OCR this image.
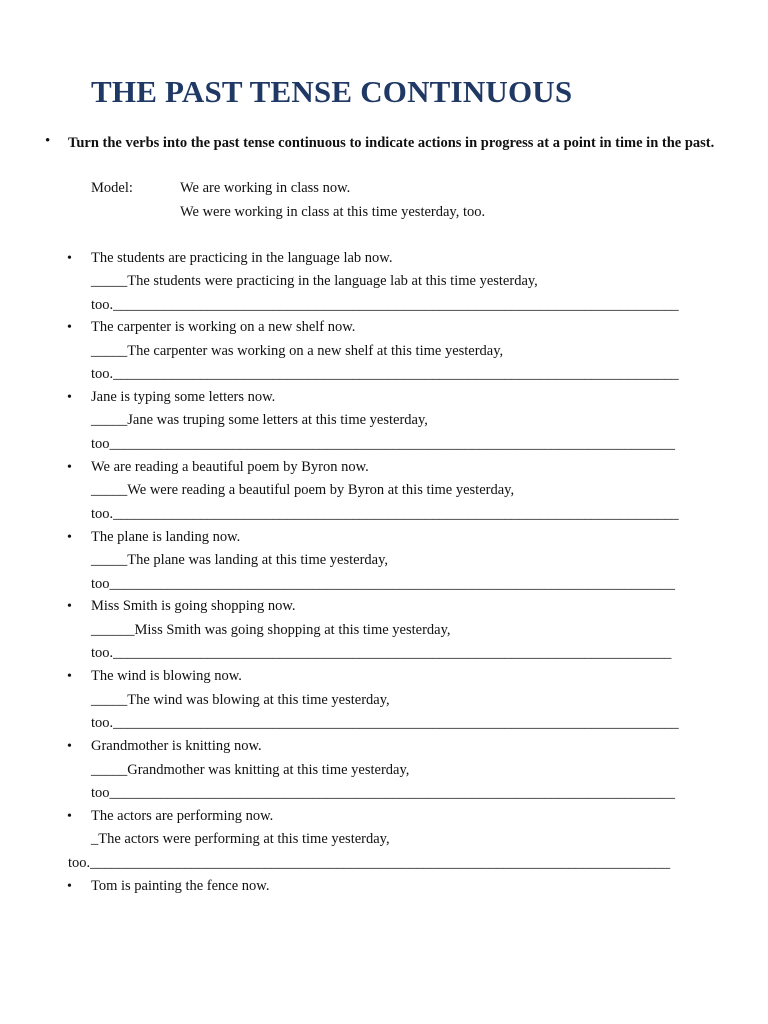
THE PAST TENSE CONTINUOUS
• Turn the verbs into the past tense continuous to indicate actions in progress at a point in time in the past.
Model:	We are working in class now.
We were working in class at this time yesterday, too.
• The students are practicing in the language lab now.
_____The students were practicing in the language lab at this time yesterday,
too.______________________________________________________________________________
• The carpenter is working on a new shelf now.
_____The carpenter was working on a new shelf at this time yesterday,
too.______________________________________________________________________________
• Jane is typing some letters now.
_____Jane was truping some letters at this time yesterday,
too______________________________________________________________________________
• We are reading a beautiful poem by Byron now.
_____We were reading a beautiful poem by Byron at this time yesterday,
too.______________________________________________________________________________
• The plane is landing now.
_____The plane was landing at this time yesterday,
too______________________________________________________________________________
• Miss Smith is going shopping now.
______Miss Smith was going shopping at this time yesterday,
too._____________________________________________________________________________
• The wind is blowing now.
_____The wind was blowing at this time yesterday,
too.______________________________________________________________________________
• Grandmother is knitting now.
_____Grandmother was knitting at this time yesterday,
too______________________________________________________________________________
• The actors are performing now.
_The actors were performing at this time yesterday,
too.________________________________________________________________________________
• Tom is painting the fence now.
